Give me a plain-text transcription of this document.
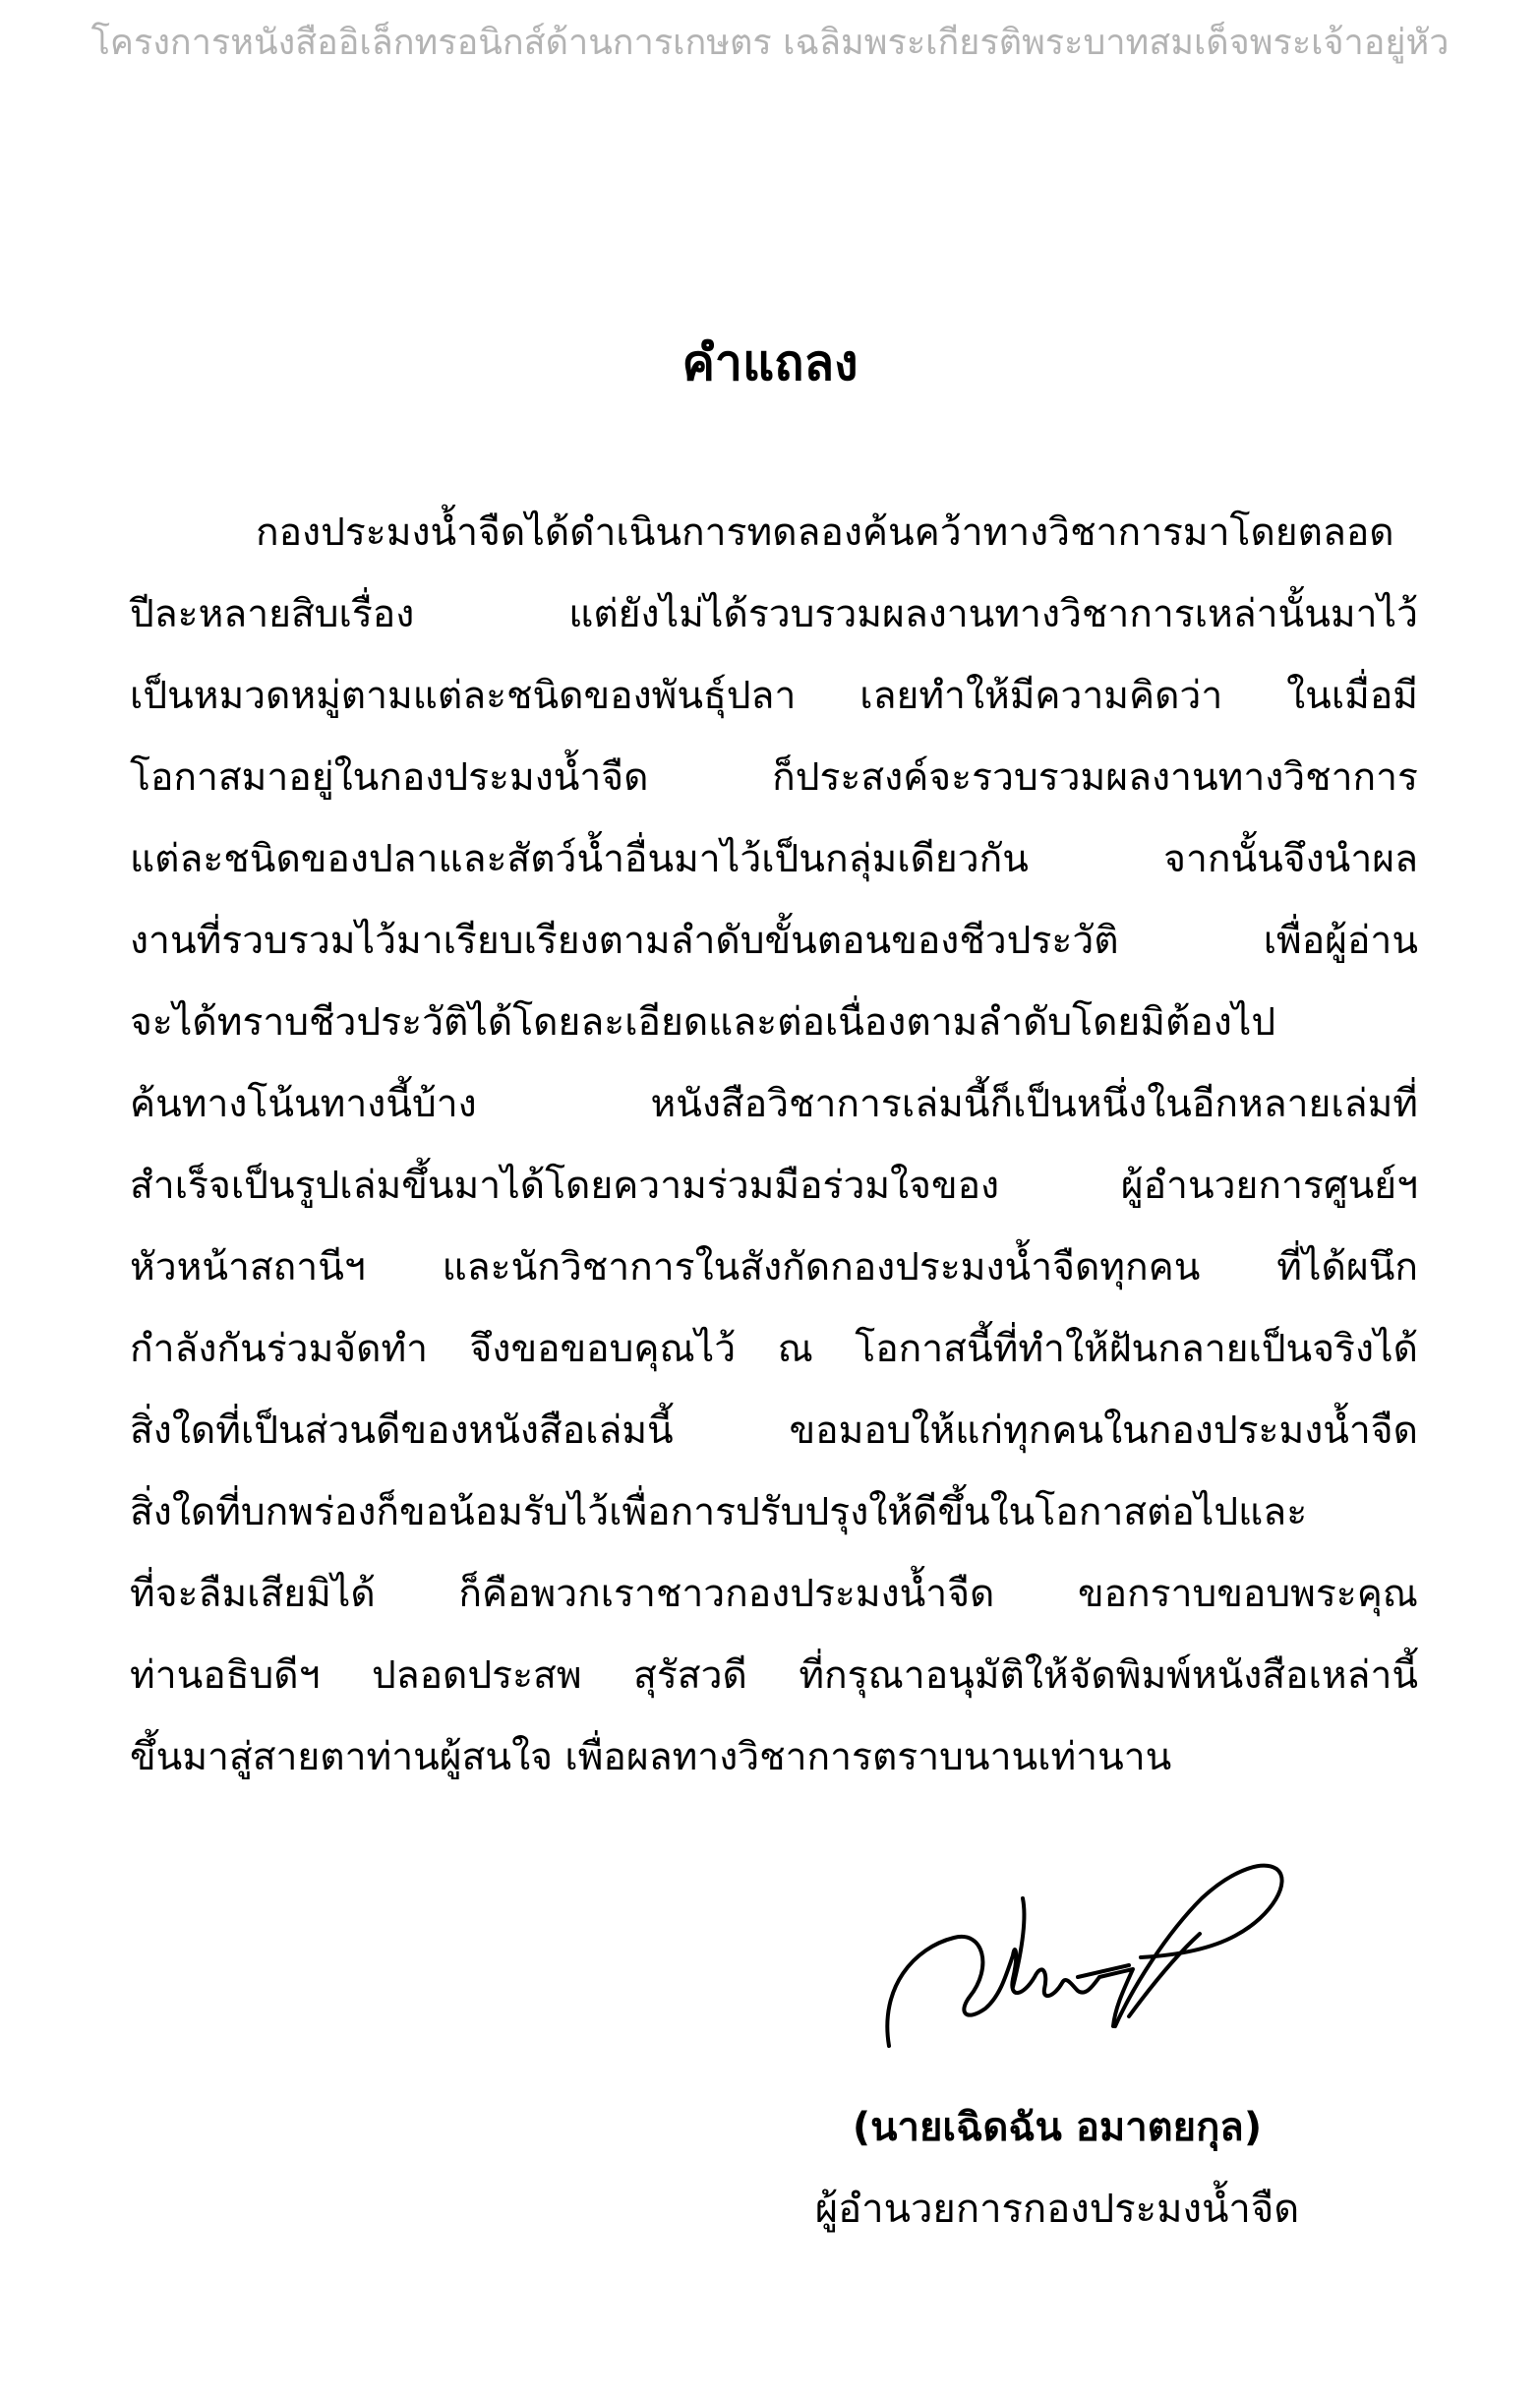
โครงการหนังสืออิเล็กทรอนิกส์ด้านการเกษตร เฉลิมพระเกียรติพระบาทสมเด็จพระเจ้าอยู่หัว
คำแถลง
กองประมงน้ำจืดได้ดำเนินการทดลองค้นคว้าทางวิชาการมาโดยตลอด
ปีละหลายสิบเรื่อง แต่ยังไม่ได้รวบรวมผลงานทางวิชาการเหล่านั้นมาไว้
เป็นหมวดหมู่ตามแต่ละชนิดของพันธุ์ปลา เลยทำให้มีความคิดว่า ในเมื่อมี
โอกาสมาอยู่ในกองประมงน้ำจืด ก็ประสงค์จะรวบรวมผลงานทางวิชาการ
แต่ละชนิดของปลาและสัตว์น้ำอื่นมาไว้เป็นกลุ่มเดียวกัน จากนั้นจึงนำผล
งานที่รวบรวมไว้มาเรียบเรียงตามลำดับขั้นตอนของชีวประวัติ เพื่อผู้อ่าน
จะได้ทราบชีวประวัติได้โดยละเอียดและต่อเนื่องตามลำดับโดยมิต้องไป
ค้นทางโน้นทางนี้บ้าง หนังสือวิชาการเล่มนี้ก็เป็นหนึ่งในอีกหลายเล่มที่
สำเร็จเป็นรูปเล่มขึ้นมาได้โดยความร่วมมือร่วมใจของ ผู้อำนวยการศูนย์ฯ
หัวหน้าสถานีฯ และนักวิชาการในสังกัดกองประมงน้ำจืดทุกคน ที่ได้ผนึก
กำลังกันร่วมจัดทำ จึงขอขอบคุณไว้ ณ โอกาสนี้ที่ทำให้ฝันกลายเป็นจริงได้
สิ่งใดที่เป็นส่วนดีของหนังสือเล่มนี้ ขอมอบให้แก่ทุกคนในกองประมงน้ำจืด
สิ่งใดที่บกพร่องก็ขอน้อมรับไว้เพื่อการปรับปรุงให้ดีขึ้นในโอกาสต่อไปและ
ที่จะลืมเสียมิได้ ก็คือพวกเราชาวกองประมงน้ำจืด ขอกราบขอบพระคุณ
ท่านอธิบดีฯ ปลอดประสพ สุรัสวดี ที่กรุณาอนุมัติให้จัดพิมพ์หนังสือเหล่านี้
ขึ้นมาสู่สายตาท่านผู้สนใจ เพื่อผลทางวิชาการตราบนานเท่านาน
(นายเฉิดฉัน อมาตยกุล)
ผู้อำนวยการกองประมงน้ำจืด
